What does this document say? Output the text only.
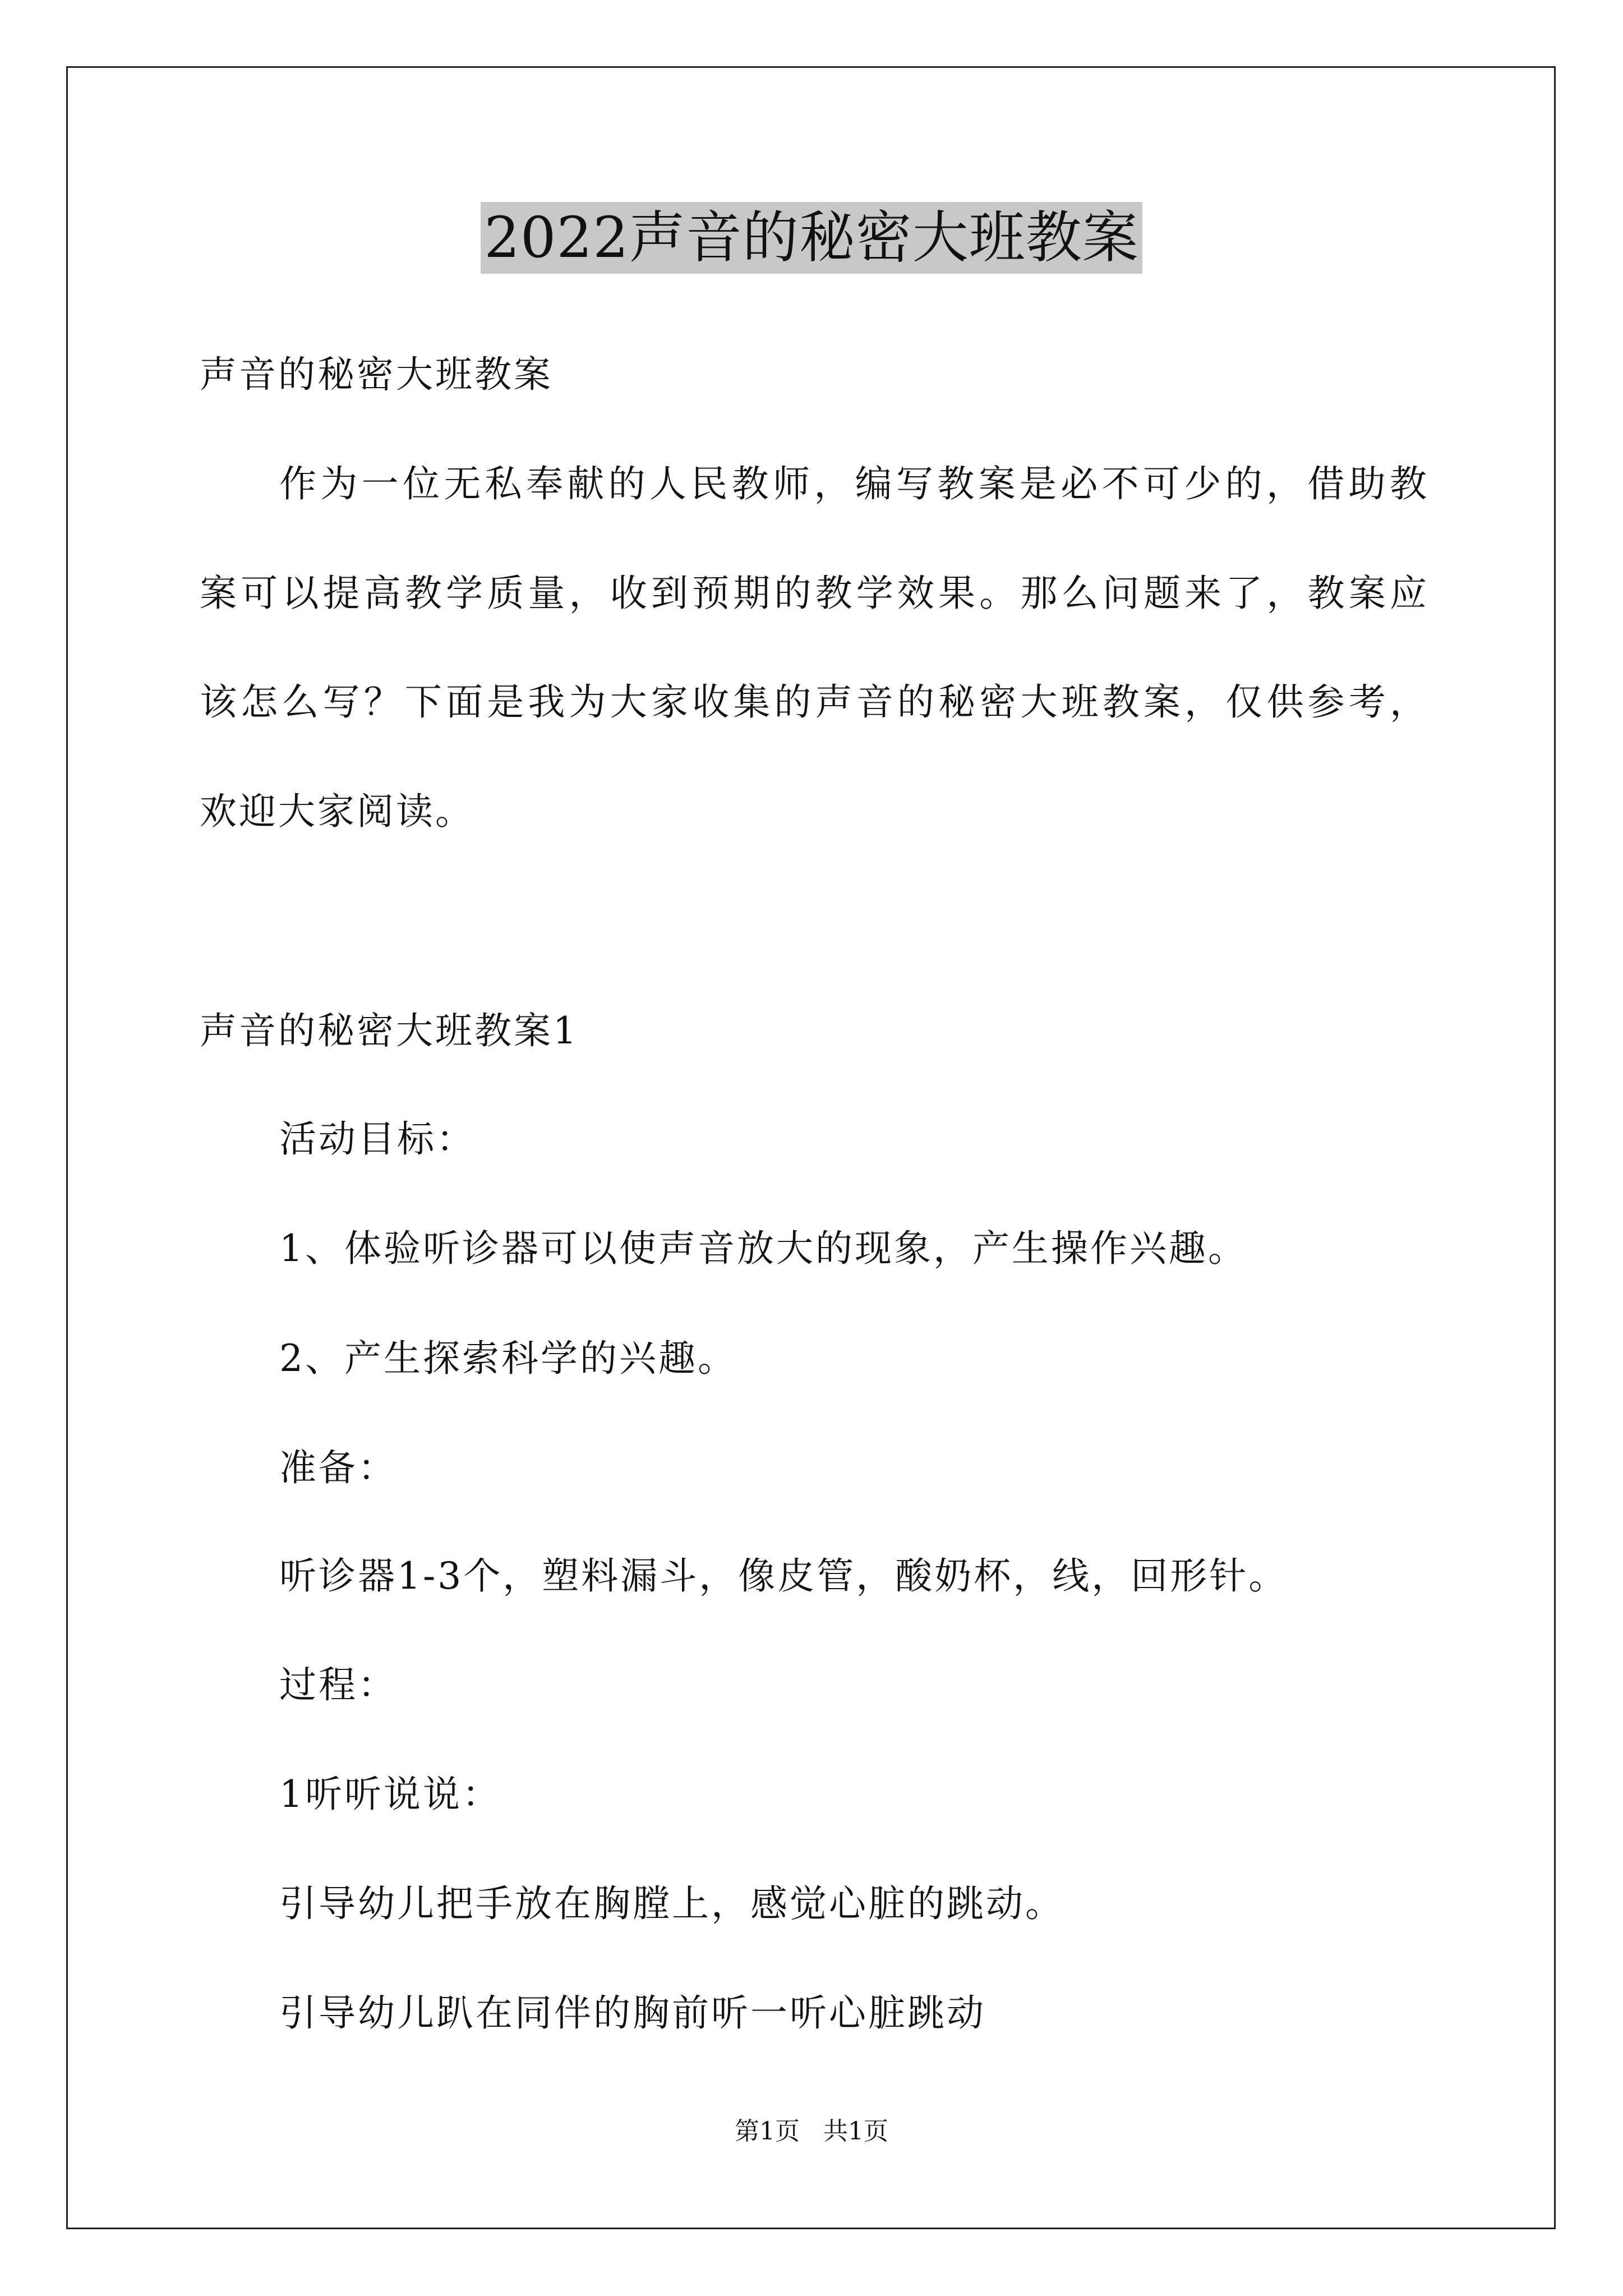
2022声音的秘密大班教案
声音的秘密大班教案
作为一位无私奉献的人民教师，编写教案是必不可少的，借助教
案可以提高教学质量，收到预期的教学效果。那么问题来了，教案应
该怎么写？下面是我为大家收集的声音的秘密大班教案，仅供参考，
欢迎大家阅读。
声音的秘密大班教案1
活动目标：
1、体验听诊器可以使声音放大的现象，产生操作兴趣。
2、产生探索科学的兴趣。
准备：
听诊器1-3个，塑料漏斗，像皮管，酸奶杯，线，回形针。
过程：
1听听说说：
引导幼儿把手放在胸膛上，感觉心脏的跳动。
引导幼儿趴在同伴的胸前听一听心脏跳动
第1页   共1页
